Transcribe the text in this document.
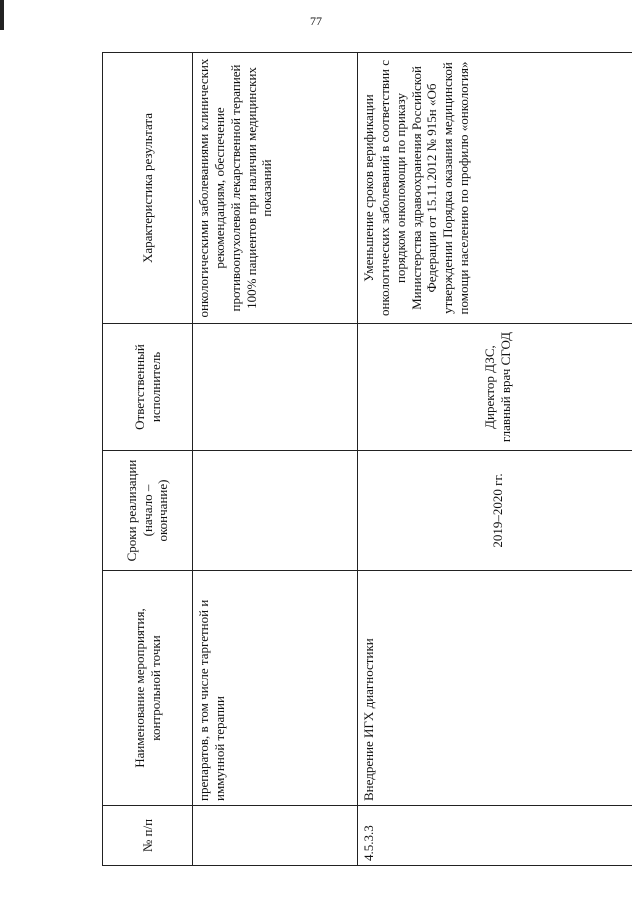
77
№ п/п	Наименование мероприятия, контрольной точки	Сроки реализации (начало – окончание)	Ответственный исполнитель	Характеристика результата
	препаратов, в том числе таргетной и иммунной терапии			онкологическими заболеваниями клинических рекомендациям, обеспечение противоопухолевой лекарственной терапией 100% пациентов при наличии медицинских показаний
4.5.3.3	Внедрение ИГХ диагностики	2019–2020 гг.	Директор ДЗС, главный врач СГОД	Уменьшение сроков верификации онкологических заболеваний в соответствии с порядком онкопомощи по приказу Министерства здравоохранения Российской Федерации от 15.11.2012 № 915н «Об утверждении Порядка оказания медицинской помощи населению по профилю «онкология»
